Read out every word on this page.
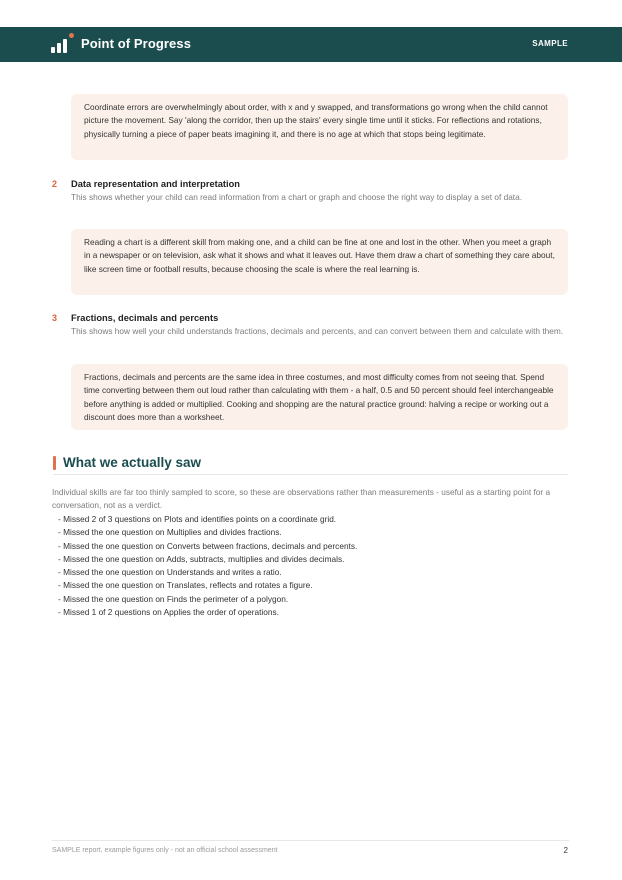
Point of Progress	SAMPLE
Coordinate errors are overwhelmingly about order, with x and y swapped, and transformations go wrong when the child cannot picture the movement. Say 'along the corridor, then up the stairs' every single time until it sticks. For reflections and rotations, physically turning a piece of paper beats imagining it, and there is no age at which that stops being legitimate.
2 Data representation and interpretation
This shows whether your child can read information from a chart or graph and choose the right way to display a set of data.
Reading a chart is a different skill from making one, and a child can be fine at one and lost in the other. When you meet a graph in a newspaper or on television, ask what it shows and what it leaves out. Have them draw a chart of something they care about, like screen time or football results, because choosing the scale is where the real learning is.
3 Fractions, decimals and percents
This shows how well your child understands fractions, decimals and percents, and can convert between them and calculate with them.
Fractions, decimals and percents are the same idea in three costumes, and most difficulty comes from not seeing that. Spend time converting between them out loud rather than calculating with them - a half, 0.5 and 50 percent should feel interchangeable before anything is added or multiplied. Cooking and shopping are the natural practice ground: halving a recipe or working out a discount does more than a worksheet.
What we actually saw
Individual skills are far too thinly sampled to score, so these are observations rather than measurements - useful as a starting point for a conversation, not as a verdict.
- Missed 2 of 3 questions on Plots and identifies points on a coordinate grid.
- Missed the one question on Multiplies and divides fractions.
- Missed the one question on Converts between fractions, decimals and percents.
- Missed the one question on Adds, subtracts, multiplies and divides decimals.
- Missed the one question on Understands and writes a ratio.
- Missed the one question on Translates, reflects and rotates a figure.
- Missed the one question on Finds the perimeter of a polygon.
- Missed 1 of 2 questions on Applies the order of operations.
SAMPLE report, example figures only - not an official school assessment	2
